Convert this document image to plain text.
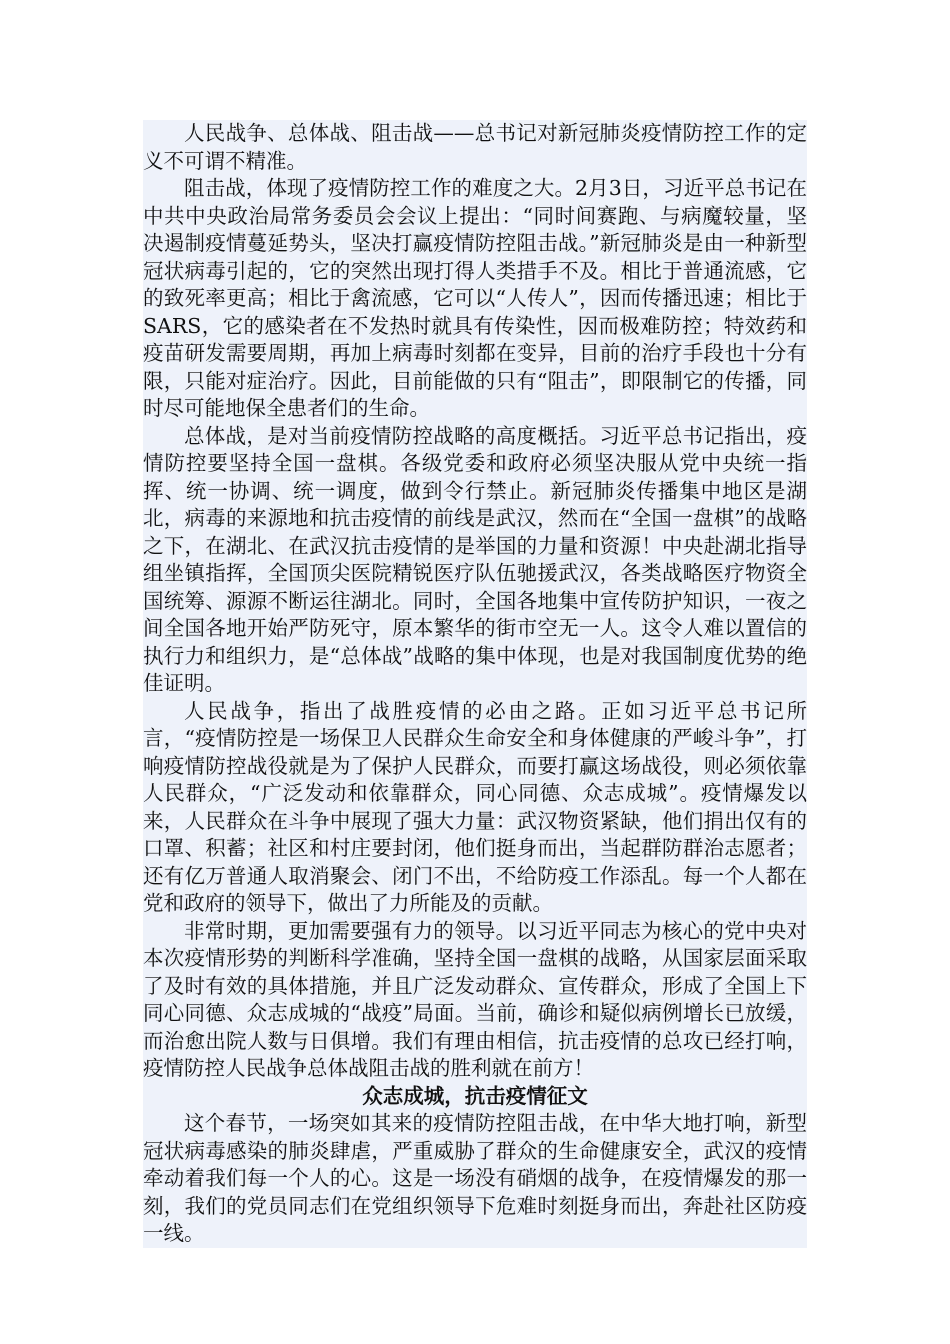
人民战争、总体战、阻击战——总书记对新冠肺炎疫情防控工作的定义不可谓不精准。

阻击战，体现了疫情防控工作的难度之大。2月3日，习近平总书记在中共中央政治局常务委员会会议上提出：“同时间赛跑、与病魔较量，坚决遏制疫情蔓延势头，坚决打赢疫情防控阻击战。”新冠肺炎是由一种新型冠状病毒引起的，它的突然出现打得人类措手不及。相比于普通流感，它的致死率更高；相比于禽流感，它可以“人传人”，因而传播迅速；相比于SARS，它的感染者在不发热时就具有传染性，因而极难防控；特效药和疫苗研发需要周期，再加上病毒时刻都在变异，目前的治疗手段也十分有限，只能对症治疗。因此，目前能做的只有“阻击”，即限制它的传播，同时尽可能地保全患者们的生命。

总体战，是对当前疫情防控战略的高度概括。习近平总书记指出，疫情防控要坚持全国一盘棋。各级党委和政府必须坚决服从党中央统一指挥、统一协调、统一调度，做到令行禁止。新冠肺炎传播集中地区是湖北，病毒的来源地和抗击疫情的前线是武汉，然而在“全国一盘棋”的战略之下，在湖北、在武汉抗击疫情的是举国的力量和资源！中央赴湖北指导组坐镇指挥，全国顶尖医院精锐医疗队伍驰援武汉，各类战略医疗物资全国统筹、源源不断运往湖北。同时，全国各地集中宣传防护知识，一夜之间全国各地开始严防死守，原本繁华的街市空无一人。这令人难以置信的执行力和组织力，是“总体战”战略的集中体现，也是对我国制度优势的绝佳证明。

人民战争，指出了战胜疫情的必由之路。正如习近平总书记所言，“疫情防控是一场保卫人民群众生命安全和身体健康的严峻斗争”，打响疫情防控战役就是为了保护人民群众，而要打赢这场战役，则必须依靠人民群众，“广泛发动和依靠群众，同心同德、众志成城”。疫情爆发以来，人民群众在斗争中展现了强大力量：武汉物资紧缺，他们捐出仅有的口罩、积蓄；社区和村庄要封闭，他们挺身而出，当起群防群治志愿者；还有亿万普通人取消聚会、闭门不出，不给防疫工作添乱。每一个人都在党和政府的领导下，做出了力所能及的贡献。

非常时期，更加需要强有力的领导。以习近平同志为核心的党中央对本次疫情形势的判断科学准确，坚持全国一盘棋的战略，从国家层面采取了及时有效的具体措施，并且广泛发动群众、宣传群众，形成了全国上下同心同德、众志成城的“战疫”局面。当前，确诊和疑似病例增长已放缓，而治愈出院人数与日俱增。我们有理由相信，抗击疫情的总攻已经打响，疫情防控人民战争总体战阻击战的胜利就在前方！

众志成城，抗击疫情征文

这个春节，一场突如其来的疫情防控阻击战，在中华大地打响，新型冠状病毒感染的肺炎肆虐，严重威胁了群众的生命健康安全，武汉的疫情牵动着我们每一个人的心。这是一场没有硝烟的战争，在疫情爆发的那一刻，我们的党员同志们在党组织领导下危难时刻挺身而出，奔赴社区防疫一线。
